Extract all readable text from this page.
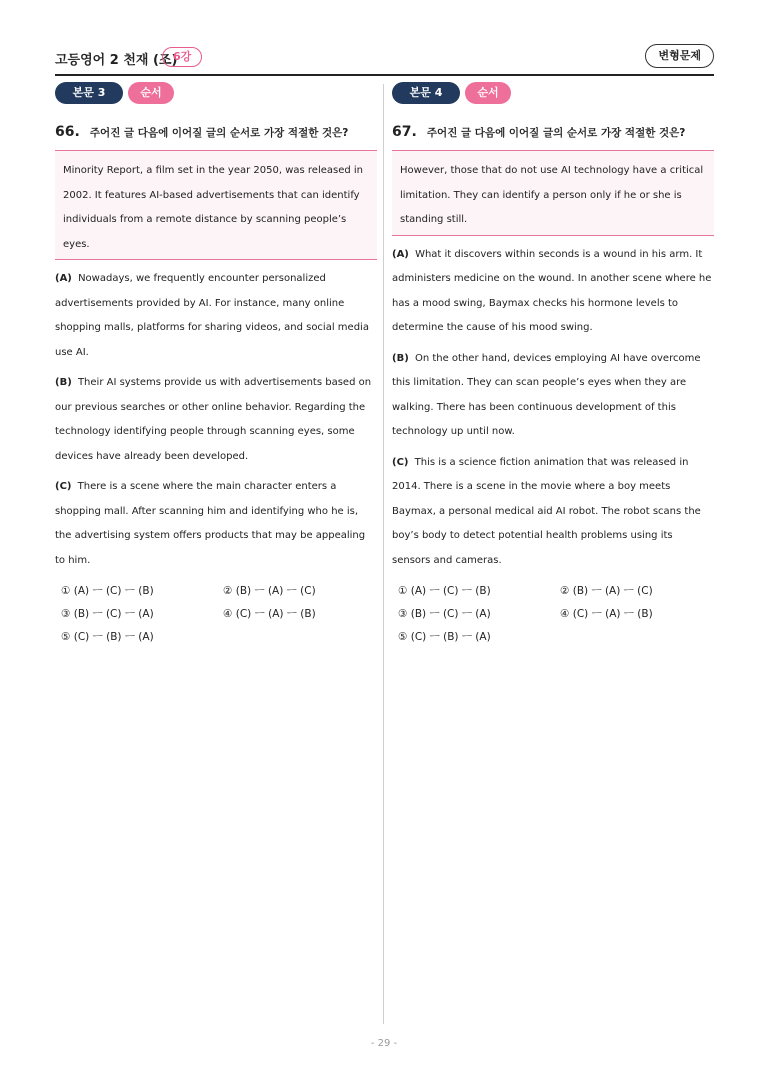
고등영어 2 천재 (조)
6강	변형문제
본문 3	순서
66. 주어진 글 다음에 이어질 글의 순서로 가장 적절한 것은?

Minority Report, a film set in the year 2050, was released in 2002. It features AI-based advertisements that can identify individuals from a remote distance by scanning people’s eyes.

(A) Nowadays, we frequently encounter personalized advertisements provided by AI. For instance, many online shopping malls, platforms for sharing videos, and social media use AI.

(B) Their AI systems provide us with advertisements based on our previous searches or other online behavior. Regarding the technology identifying people through scanning eyes, some devices have already been developed.

(C) There is a scene where the main character enters a shopping mall. After scanning him and identifying who he is, the advertising system offers products that may be appealing to him.

① (A) ㅡ (C) ㅡ (B)	② (B) ㅡ (A) ㅡ (C)
③ (B) ㅡ (C) ㅡ (A)	④ (C) ㅡ (A) ㅡ (B)
⑤ (C) ㅡ (B) ㅡ (A)
본문 4	순서
67. 주어진 글 다음에 이어질 글의 순서로 가장 적절한 것은?

However, those that do not use AI technology have a critical limitation. They can identify a person only if he or she is standing still.

(A) What it discovers within seconds is a wound in his arm. It administers medicine on the wound. In another scene where he has a mood swing, Baymax checks his hormone levels to determine the cause of his mood swing.

(B) On the other hand, devices employing AI have overcome this limitation. They can scan people’s eyes when they are walking. There has been continuous development of this technology up until now.

(C) This is a science fiction animation that was released in 2014. There is a scene in the movie where a boy meets Baymax, a personal medical aid AI robot. The robot scans the boy’s body to detect potential health problems using its sensors and cameras.

① (A) ㅡ (C) ㅡ (B)	② (B) ㅡ (A) ㅡ (C)
③ (B) ㅡ (C) ㅡ (A)	④ (C) ㅡ (A) ㅡ (B)
⑤ (C) ㅡ (B) ㅡ (A)
- 29 -
